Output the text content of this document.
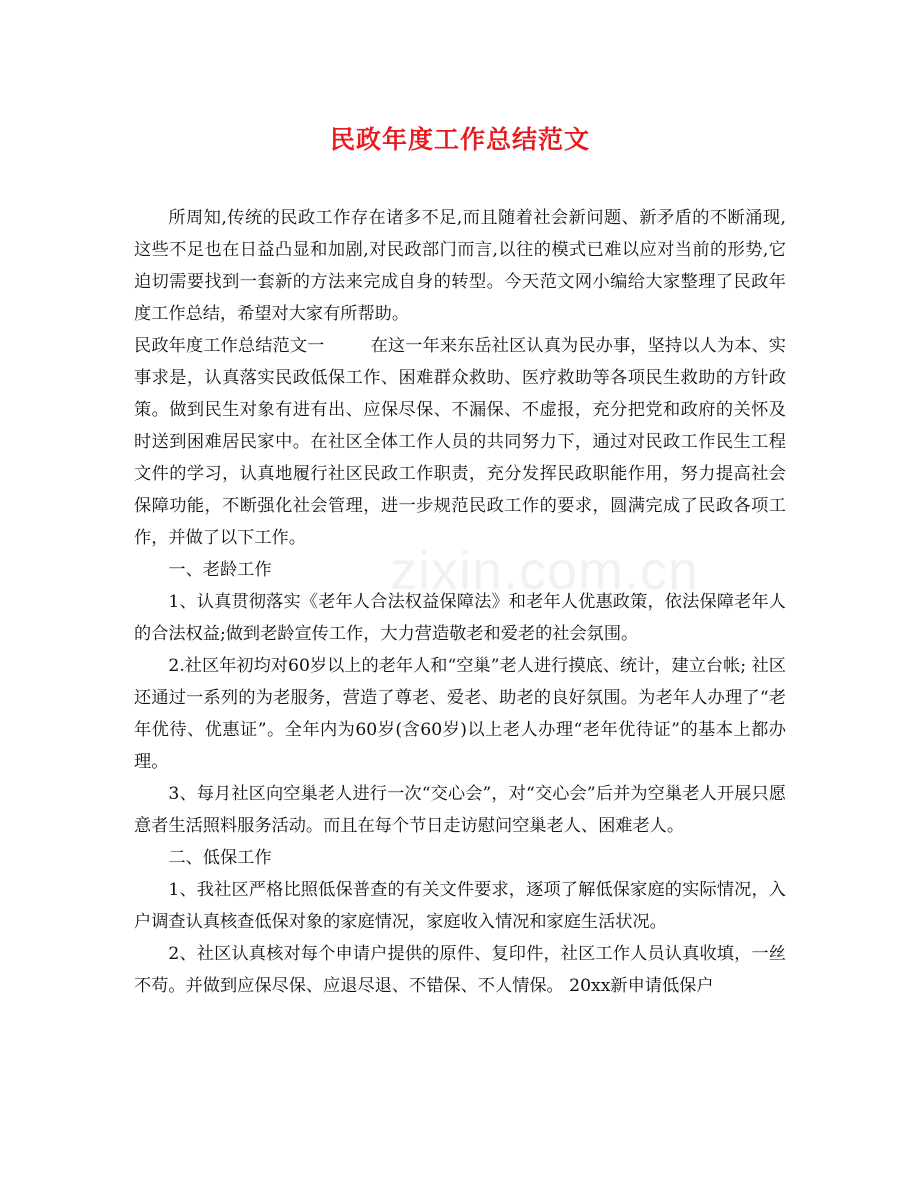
民政年度工作总结范文

所周知,传统的民政工作存在诸多不足,而且随着社会新问题、新矛盾的不断涌现,这些不足也在日益凸显和加剧,对民政部门而言,以往的模式已难以应对当前的形势,它迫切需要找到一套新的方法来完成自身的转型。今天范文网小编给大家整理了民政年度工作总结，希望对大家有所帮助。

民政年度工作总结范文一	在这一年来东岳社区认真为民办事，坚持以人为本、实事求是，认真落实民政低保工作、困难群众救助、医疗救助等各项民生救助的方针政策。做到民生对象有进有出、应保尽保、不漏保、不虚报，充分把党和政府的关怀及时送到困难居民家中。在社区全体工作人员的共同努力下，通过对民政工作民生工程文件的学习，认真地履行社区民政工作职责，充分发挥民政职能作用，努力提高社会保障功能，不断强化社会管理，进一步规范民政工作的要求，圆满完成了民政各项工作，并做了以下工作。

一、老龄工作

1、认真贯彻落实《老年人合法权益保障法》和老年人优惠政策，依法保障老年人的合法权益;做到老龄宣传工作，大力营造敬老和爱老的社会氛围。

2.社区年初均对60岁以上的老年人和“空巢”老人进行摸底、统计，建立台帐; 社区还通过一系列的为老服务，营造了尊老、爱老、助老的良好氛围。为老年人办理了“老年优待、优惠证”。全年内为60岁(含60岁)以上老人办理“老年优待证”的基本上都办理。

3、每月社区向空巢老人进行一次“交心会”，对“交心会”后并为空巢老人开展只愿意者生活照料服务活动。而且在每个节日走访慰问空巢老人、困难老人。

二、低保工作

1、我社区严格比照低保普查的有关文件要求，逐项了解低保家庭的实际情况，入户调查认真核查低保对象的家庭情况，家庭收入情况和家庭生活状况。

2、社区认真核对每个申请户提供的原件、复印件，社区工作人员认真收填，一丝不苟。并做到应保尽保、应退尽退、不错保、不人情保。 20xx新申请低保户

zixin.com.cn
